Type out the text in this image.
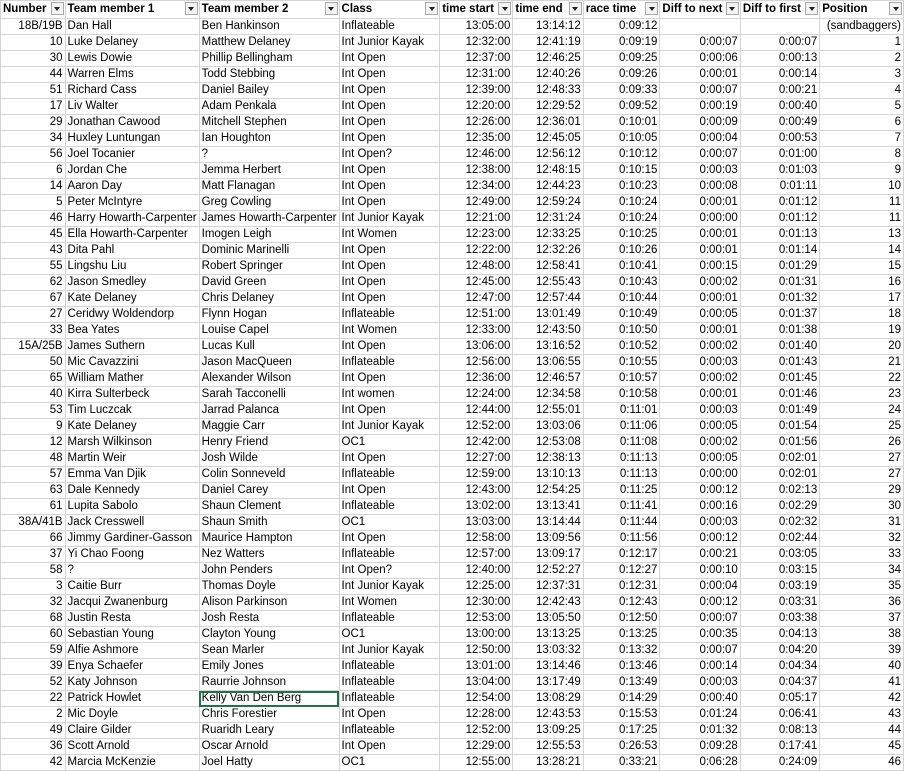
Number	Team member 1	Team member 2	Class	time start	time end	race time	Diff to next	Diff to first	Position

18B/19B	Dan Hall	Ben Hankinson	Inflateable	13:05:00	13:14:12	0:09:12			(sandbaggers)
10	Luke Delaney	Matthew Delaney	Int Junior Kayak	12:32:00	12:41:19	0:09:19	0:00:07	0:00:07	1
30	Lewis Dowie	Phillip Bellingham	Int Open	12:37:00	12:46:25	0:09:25	0:00:06	0:00:13	2
44	Warren Elms	Todd Stebbing	Int Open	12:31:00	12:40:26	0:09:26	0:00:01	0:00:14	3
51	Richard Cass	Daniel Bailey	Int Open	12:39:00	12:48:33	0:09:33	0:00:07	0:00:21	4
17	Liv Walter	Adam Penkala	Int Open	12:20:00	12:29:52	0:09:52	0:00:19	0:00:40	5
29	Jonathan Cawood	Mitchell Stephen	Int Open	12:26:00	12:36:01	0:10:01	0:00:09	0:00:49	6
34	Huxley Luntungan	Ian Houghton	Int Open	12:35:00	12:45:05	0:10:05	0:00:04	0:00:53	7
56	Joel Tocanier	?	Int Open?	12:46:00	12:56:12	0:10:12	0:00:07	0:01:00	8
6	Jordan Che	Jemma Herbert	Int Open	12:38:00	12:48:15	0:10:15	0:00:03	0:01:03	9
14	Aaron Day	Matt Flanagan	Int Open	12:34:00	12:44:23	0:10:23	0:00:08	0:01:11	10
5	Peter McIntyre	Greg Cowling	Int Open	12:49:00	12:59:24	0:10:24	0:00:01	0:01:12	11
46	Harry Howarth-Carpenter	James Howarth-Carpenter	Int Junior Kayak	12:21:00	12:31:24	0:10:24	0:00:00	0:01:12	11
45	Ella Howarth-Carpenter	Imogen Leigh	Int Women	12:23:00	12:33:25	0:10:25	0:00:01	0:01:13	13
43	Dita Pahl	Dominic Marinelli	Int Open	12:22:00	12:32:26	0:10:26	0:00:01	0:01:14	14
55	Lingshu Liu	Robert Springer	Int Open	12:48:00	12:58:41	0:10:41	0:00:15	0:01:29	15
62	Jason Smedley	David Green	Int Open	12:45:00	12:55:43	0:10:43	0:00:02	0:01:31	16
67	Kate Delaney	Chris Delaney	Int Open	12:47:00	12:57:44	0:10:44	0:00:01	0:01:32	17
27	Ceridwy Woldendorp	Flynn Hogan	Inflateable	12:51:00	13:01:49	0:10:49	0:00:05	0:01:37	18
33	Bea Yates	Louise Capel	Int Women	12:33:00	12:43:50	0:10:50	0:00:01	0:01:38	19
15A/25B	James Suthern	Lucas Kull	Int Open	13:06:00	13:16:52	0:10:52	0:00:02	0:01:40	20
50	Mic Cavazzini	Jason MacQueen	Inflateable	12:56:00	13:06:55	0:10:55	0:00:03	0:01:43	21
65	William Mather	Alexander Wilson	Int Open	12:36:00	12:46:57	0:10:57	0:00:02	0:01:45	22
40	Kirra Sulterbeck	Sarah Tacconelli	Int women	12:24:00	12:34:58	0:10:58	0:00:01	0:01:46	23
53	Tim Luczcak	Jarrad Palanca	Int Open	12:44:00	12:55:01	0:11:01	0:00:03	0:01:49	24
9	Kate Delaney	Maggie Carr	Int Junior Kayak	12:52:00	13:03:06	0:11:06	0:00:05	0:01:54	25
12	Marsh Wilkinson	Henry Friend	OC1	12:42:00	12:53:08	0:11:08	0:00:02	0:01:56	26
48	Martin Weir	Josh Wilde	Int Open	12:27:00	12:38:13	0:11:13	0:00:05	0:02:01	27
57	Emma Van Djik	Colin Sonneveld	Inflateable	12:59:00	13:10:13	0:11:13	0:00:00	0:02:01	27
63	Dale Kennedy	Daniel Carey	Int Open	12:43:00	12:54:25	0:11:25	0:00:12	0:02:13	29
61	Lupita Sabolo	Shaun Clement	Inflateable	13:02:00	13:13:41	0:11:41	0:00:16	0:02:29	30
38A/41B	Jack Cresswell	Shaun Smith	OC1	13:03:00	13:14:44	0:11:44	0:00:03	0:02:32	31
66	Jimmy Gardiner-Gasson	Maurice Hampton	Int Open	12:58:00	13:09:56	0:11:56	0:00:12	0:02:44	32
37	Yi Chao Foong	Nez Watters	Inflateable	12:57:00	13:09:17	0:12:17	0:00:21	0:03:05	33
58	?	John Penders	Int Open?	12:40:00	12:52:27	0:12:27	0:00:10	0:03:15	34
3	Caitie Burr	Thomas Doyle	Int Junior Kayak	12:25:00	12:37:31	0:12:31	0:00:04	0:03:19	35
32	Jacqui Zwanenburg	Alison Parkinson	Int Women	12:30:00	12:42:43	0:12:43	0:00:12	0:03:31	36
68	Justin Resta	Josh Resta	Inflateable	12:53:00	13:05:50	0:12:50	0:00:07	0:03:38	37
60	Sebastian Young	Clayton Young	OC1	13:00:00	13:13:25	0:13:25	0:00:35	0:04:13	38
59	Alfie Ashmore	Sean Marler	Int Junior Kayak	12:50:00	13:03:32	0:13:32	0:00:07	0:04:20	39
39	Enya Schaefer	Emily Jones	Inflateable	13:01:00	13:14:46	0:13:46	0:00:14	0:04:34	40
52	Katy Johnson	Raurrie Johnson	Inflateable	13:04:00	13:17:49	0:13:49	0:00:03	0:04:37	41
22	Patrick Howlet	Kelly Van Den Berg	Inflateable	12:54:00	13:08:29	0:14:29	0:00:40	0:05:17	42
2	Mic Doyle	Chris Forestier	Int Open	12:28:00	12:43:53	0:15:53	0:01:24	0:06:41	43
49	Claire Gilder	Ruaridh Leary	Inflateable	12:52:00	13:09:25	0:17:25	0:01:32	0:08:13	44
36	Scott Arnold	Oscar Arnold	Int Open	12:29:00	12:55:53	0:26:53	0:09:28	0:17:41	45
42	Marcia McKenzie	Joel Hatty	OC1	12:55:00	13:28:21	0:33:21	0:06:28	0:24:09	46
